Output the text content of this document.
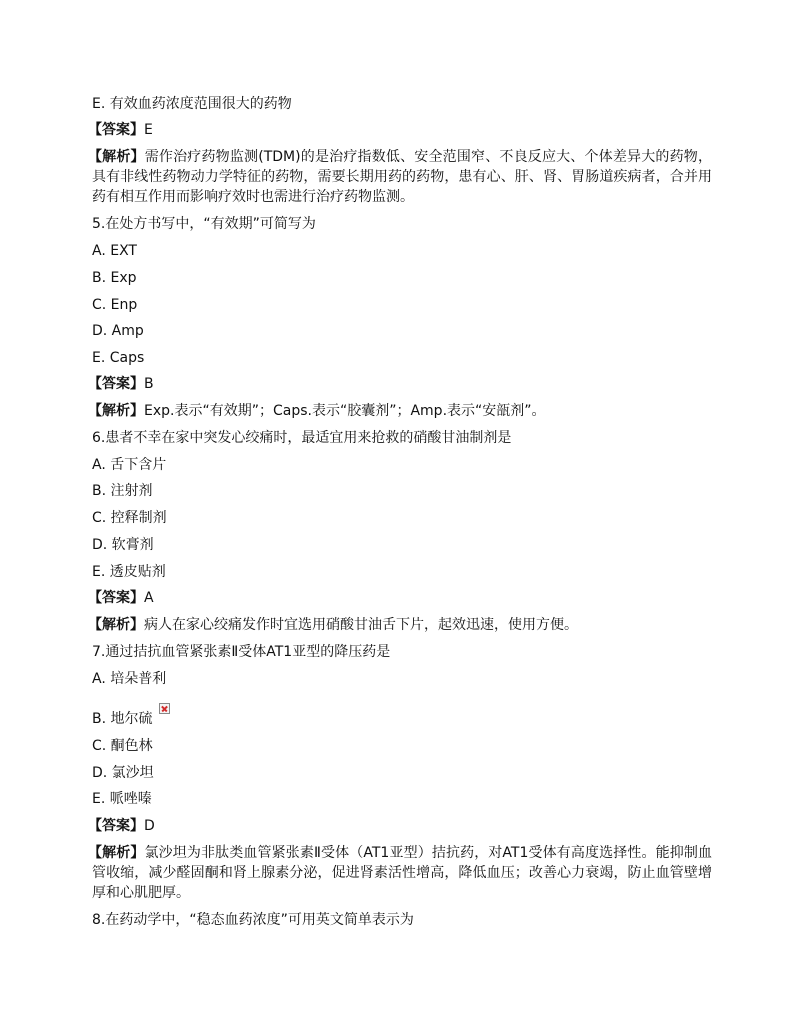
E. 有效血药浓度范围很大的药物
【答案】E
【解析】需作治疗药物监测(TDM)的是治疗指数低、安全范围窄、不良反应大、个体差异大的药物，具有非线性药物动力学特征的药物，需要长期用药的药物，患有心、肝、肾、胃肠道疾病者，合并用药有相互作用而影响疗效时也需进行治疗药物监测。
5.在处方书写中，“有效期”可简写为
A. EXT
B. Exp
C. Enp
D. Amp
E. Caps
【答案】B
【解析】Exp.表示“有效期”；Caps.表示“胶囊剂”；Amp.表示“安瓿剂”。
6.患者不幸在家中突发心绞痛时，最适宜用来抢救的硝酸甘油制剂是
A. 舌下含片
B. 注射剂
C. 控释制剂
D. 软膏剂
E. 透皮贴剂
【答案】A
【解析】病人在家心绞痛发作时宜选用硝酸甘油舌下片，起效迅速，使用方便。
7.通过拮抗血管紧张素Ⅱ受体AT1亚型的降压药是
A. 培朵普利
B. 地尔硫
C. 酮色林
D. 氯沙坦
E. 哌唑嗪
【答案】D
【解析】氯沙坦为非肽类血管紧张素Ⅱ受体（AT1亚型）拮抗药，对AT1受体有高度选择性。能抑制血管收缩，减少醛固酮和肾上腺素分泌，促进肾素活性增高，降低血压；改善心力衰竭，防止血管壁增厚和心肌肥厚。
8.在药动学中，“稳态血药浓度”可用英文简单表示为
